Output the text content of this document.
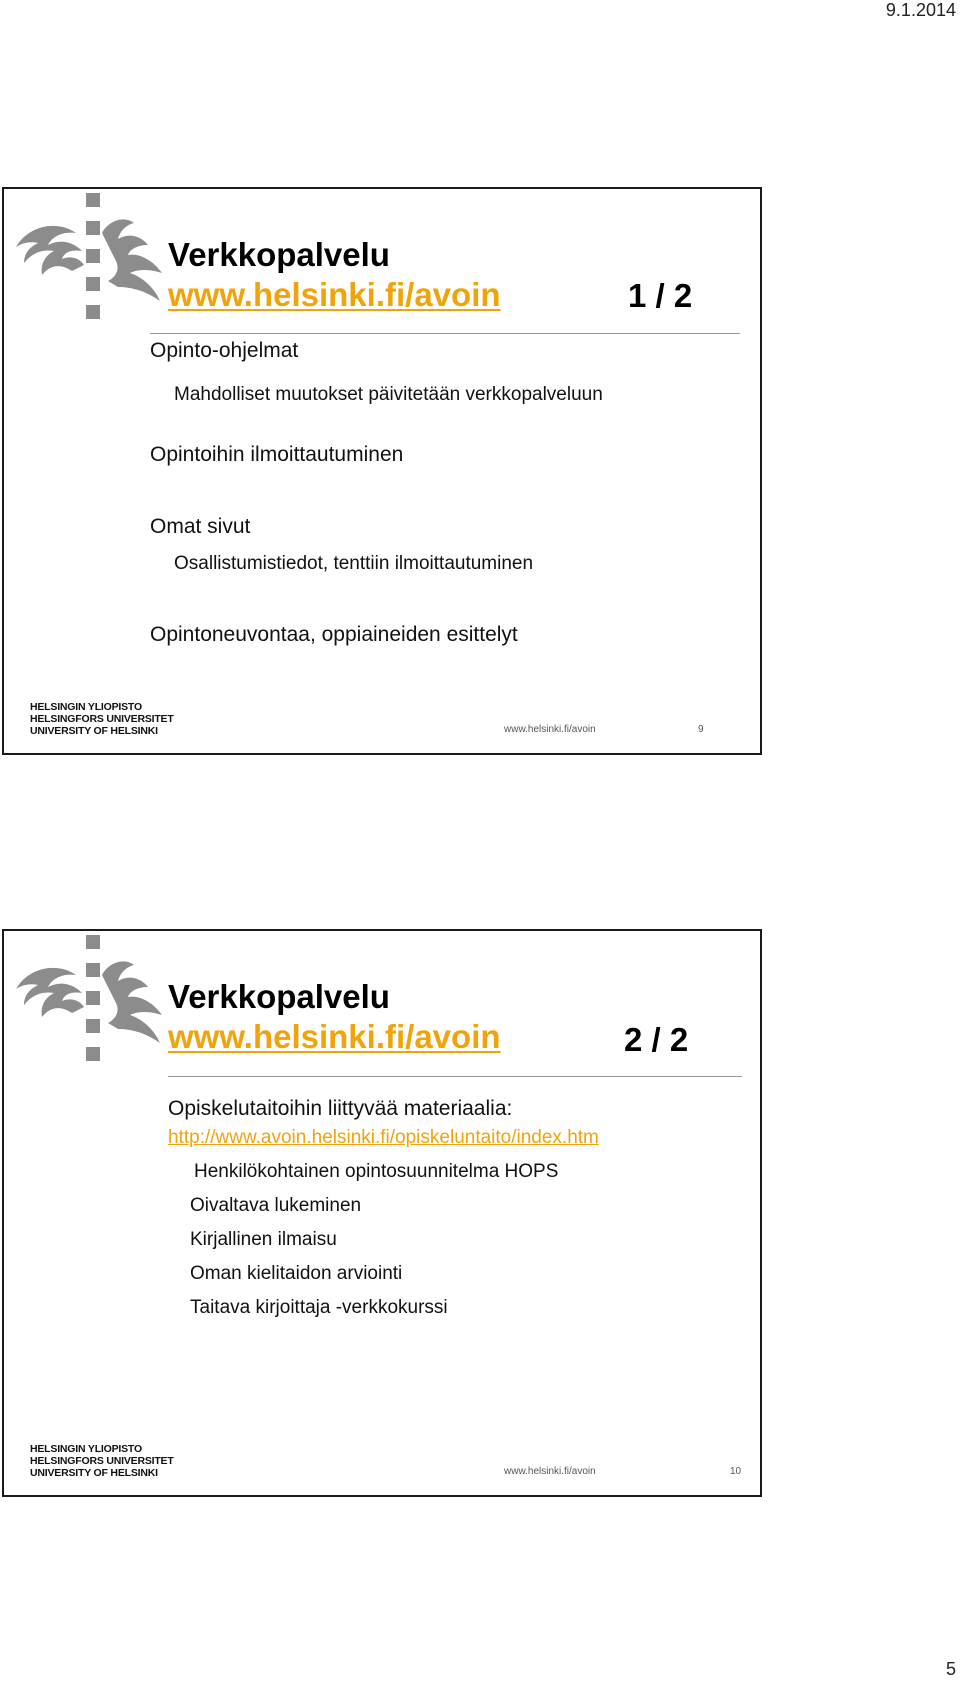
9.1.2014
Verkkopalvelu
www.helsinki.fi/avoin	1 / 2
Opinto-ohjelmat
Mahdolliset muutokset päivitetään verkkopalveluun
Opintoihin ilmoittautuminen
Omat sivut
Osallistumistiedot, tenttiin ilmoittautuminen
Opintoneuvontaa, oppiaineiden esittelyt
HELSINGIN YLIOPISTO
HELSINGFORS UNIVERSITET
UNIVERSITY OF HELSINKI	www.helsinki.fi/avoin	9
Verkkopalvelu
www.helsinki.fi/avoin	2 / 2
Opiskelutaitoihin liittyvää materiaalia:
http://www.avoin.helsinki.fi/opiskeluntaito/index.htm
Henkilökohtainen opintosuunnitelma HOPS
Oivaltava lukeminen
Kirjallinen ilmaisu
Oman kielitaidon arviointi
Taitava kirjoittaja -verkkokurssi
HELSINGIN YLIOPISTO
HELSINGFORS UNIVERSITET
UNIVERSITY OF HELSINKI	www.helsinki.fi/avoin	10
5
